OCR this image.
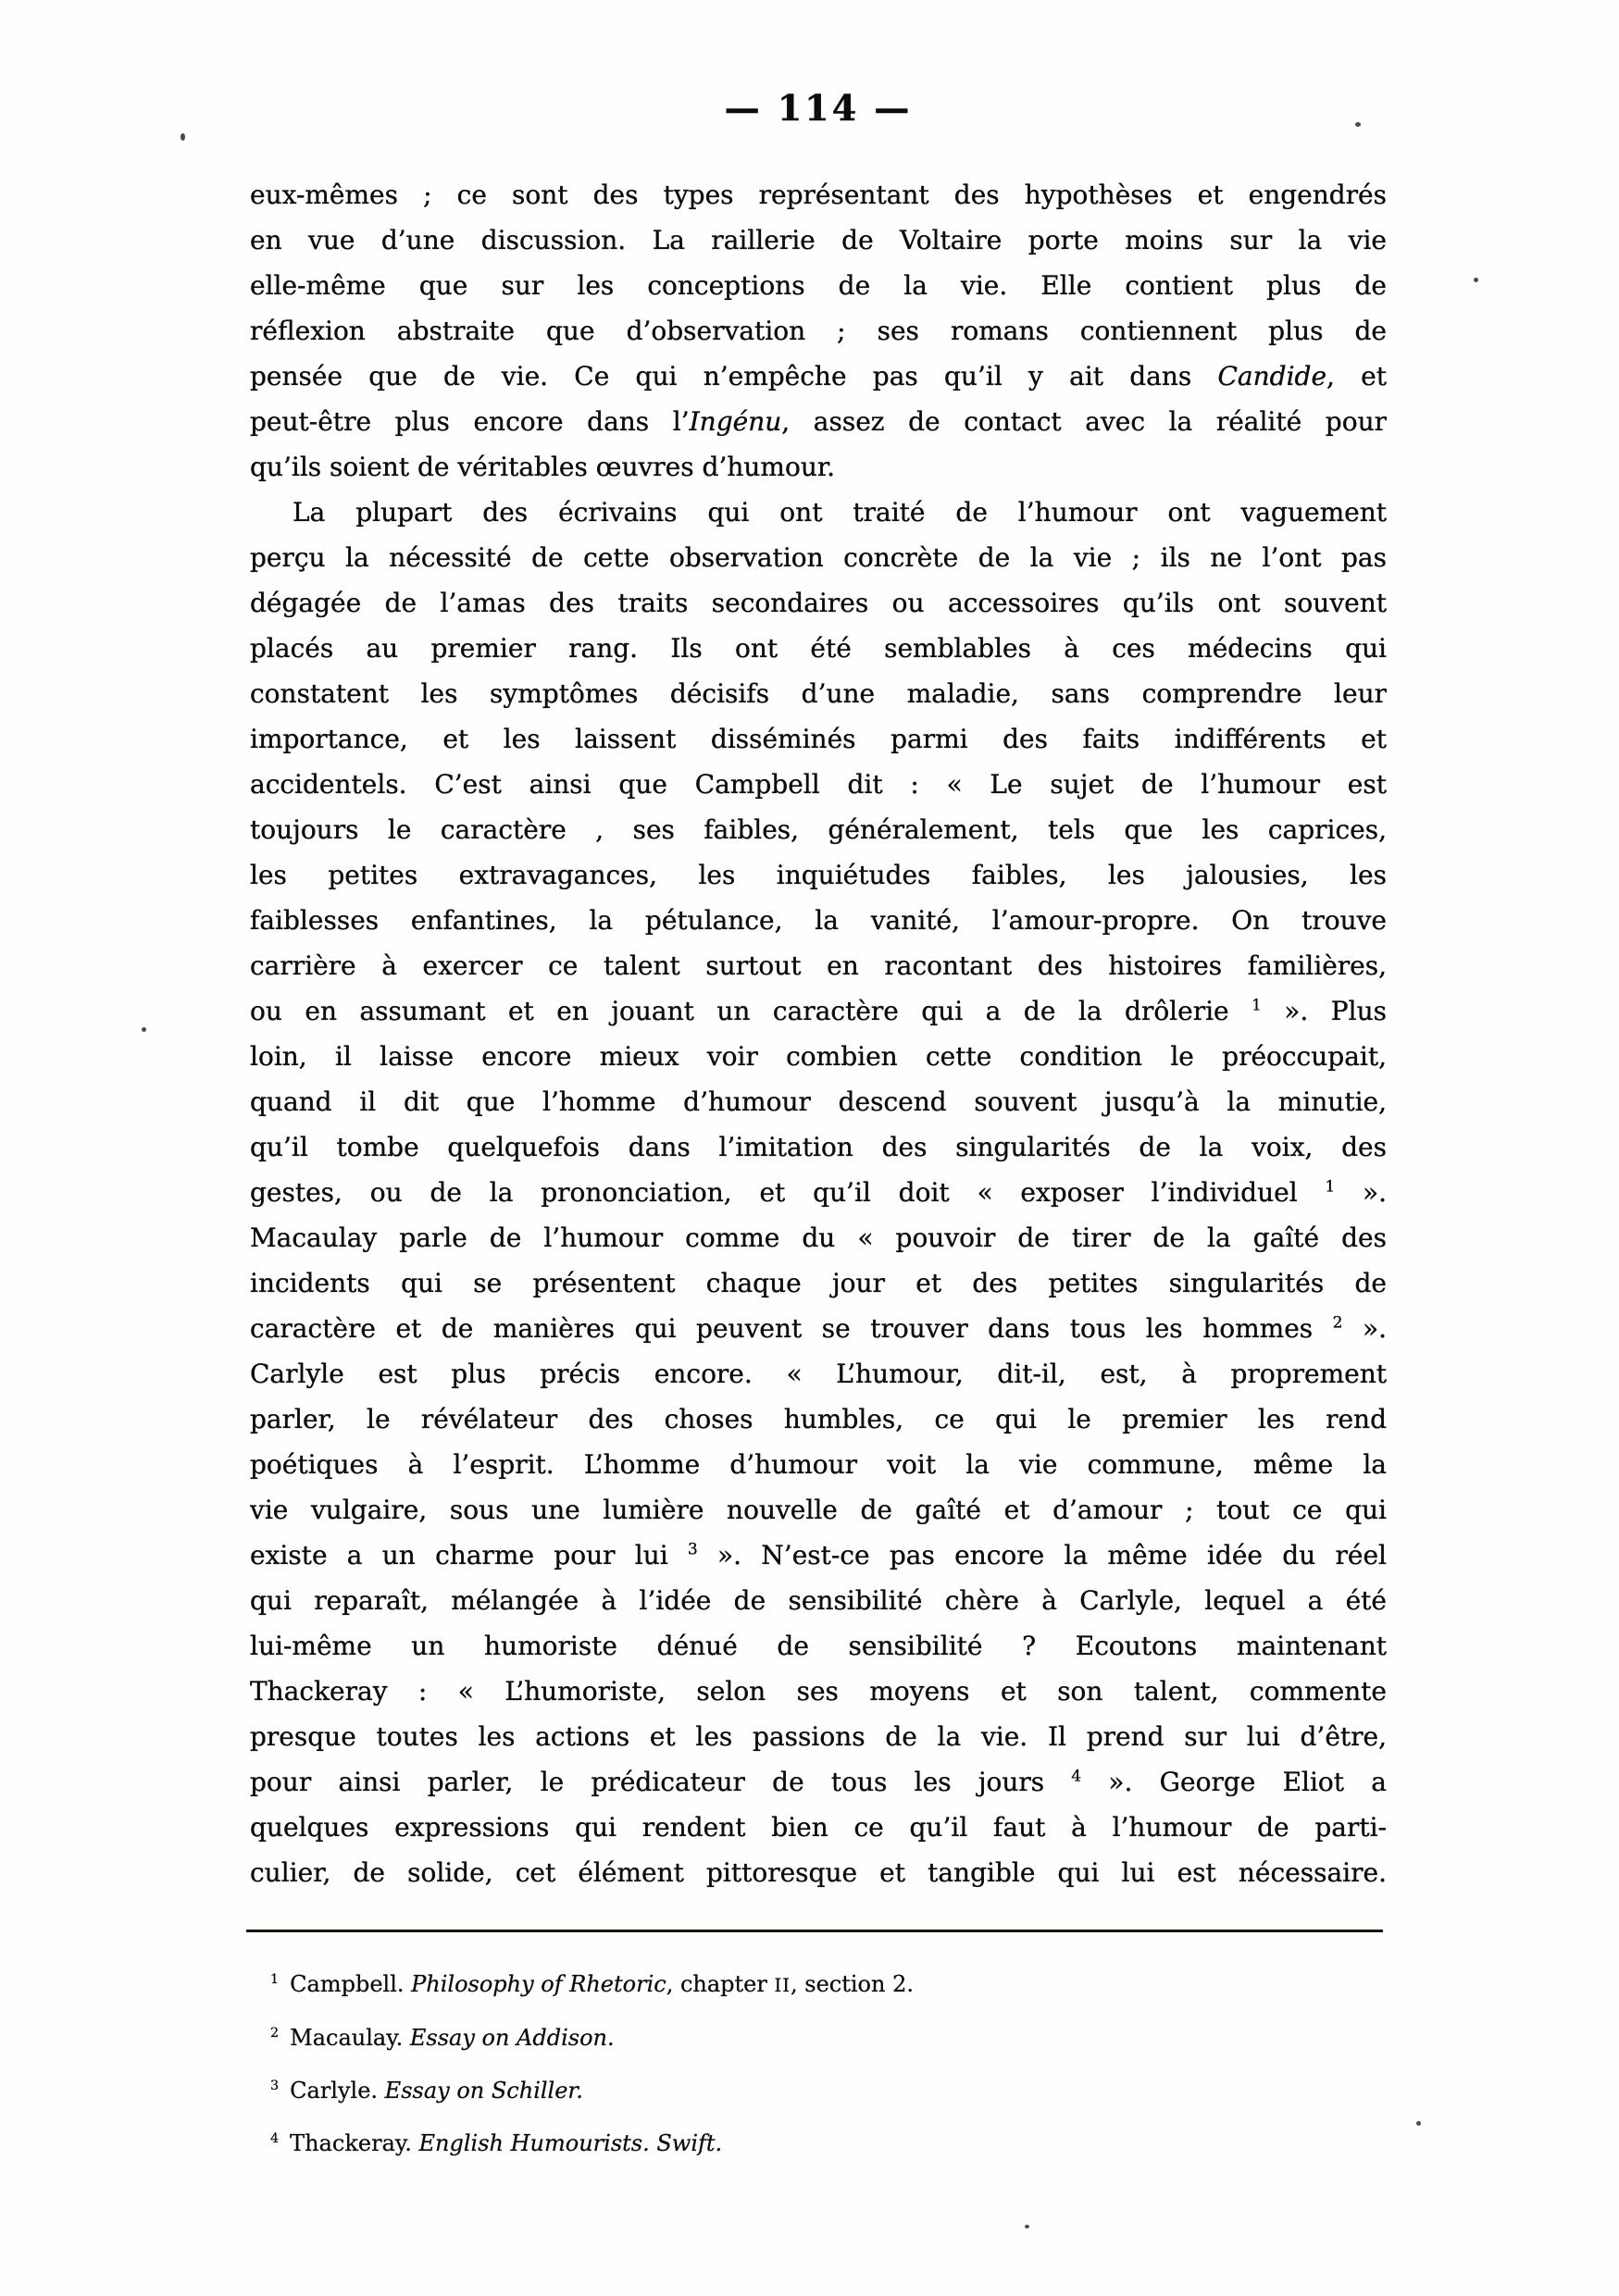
— 114 —
eux-mêmes ; ce sont des types représentant des hypothèses et engendrés
en vue d’une discussion. La raillerie de Voltaire porte moins sur la vie
elle-même que sur les conceptions de la vie. Elle contient plus de
réflexion abstraite que d’observation ; ses romans contiennent plus de
pensée que de vie. Ce qui n’empêche pas qu’il y ait dans Candide, et
peut-être plus encore dans l’Ingénu, assez de contact avec la réalité pour
qu’ils soient de véritables œuvres d’humour.
La plupart des écrivains qui ont traité de l’humour ont vaguement
perçu la nécessité de cette observation concrète de la vie ; ils ne l’ont pas
dégagée de l’amas des traits secondaires ou accessoires qu’ils ont souvent
placés au premier rang. Ils ont été semblables à ces médecins qui
constatent les symptômes décisifs d’une maladie, sans comprendre leur
importance, et les laissent disséminés parmi des faits indifférents et
accidentels. C’est ainsi que Campbell dit : « Le sujet de l’humour est
toujours le caractère , ses faibles, généralement, tels que les caprices,
les petites extravagances, les inquiétudes faibles, les jalousies, les
faiblesses enfantines, la pétulance, la vanité, l’amour-propre. On trouve
carrière à exercer ce talent surtout en racontant des histoires familières,
ou en assumant et en jouant un caractère qui a de la drôlerie $^1$ ». Plus
loin, il laisse encore mieux voir combien cette condition le préoccupait,
quand il dit que l’homme d’humour descend souvent jusqu’à la minutie,
qu’il tombe quelquefois dans l’imitation des singularités de la voix, des
gestes, ou de la prononciation, et qu’il doit « exposer l’individuel $^1$ ».
Macaulay parle de l’humour comme du « pouvoir de tirer de la gaîté des
incidents qui se présentent chaque jour et des petites singularités de
caractère et de manières qui peuvent se trouver dans tous les hommes $^2$ ».
Carlyle est plus précis encore. « L’humour, dit-il, est, à proprement
parler, le révélateur des choses humbles, ce qui le premier les rend
poétiques à l’esprit. L’homme d’humour voit la vie commune, même la
vie vulgaire, sous une lumière nouvelle de gaîté et d’amour ; tout ce qui
existe a un charme pour lui $^3$ ». N’est-ce pas encore la même idée du réel
qui reparaît, mélangée à l’idée de sensibilité chère à Carlyle, lequel a été
lui-même un humoriste dénué de sensibilité ? Ecoutons maintenant
Thackeray : « L’humoriste, selon ses moyens et son talent, commente
presque toutes les actions et les passions de la vie. Il prend sur lui d’être,
pour ainsi parler, le prédicateur de tous les jours $^4$ ». George Eliot a
quelques expressions qui rendent bien ce qu’il faut à l’humour de parti-
culier, de solide, cet élément pittoresque et tangible qui lui est nécessaire.
$^1$ Campbell. Philosophy of Rhetoric, chapter II, section 2.
$^2$ Macaulay. Essay on Addison.
$^3$ Carlyle. Essay on Schiller.
$^4$ Thackeray. English Humourists. Swift.
